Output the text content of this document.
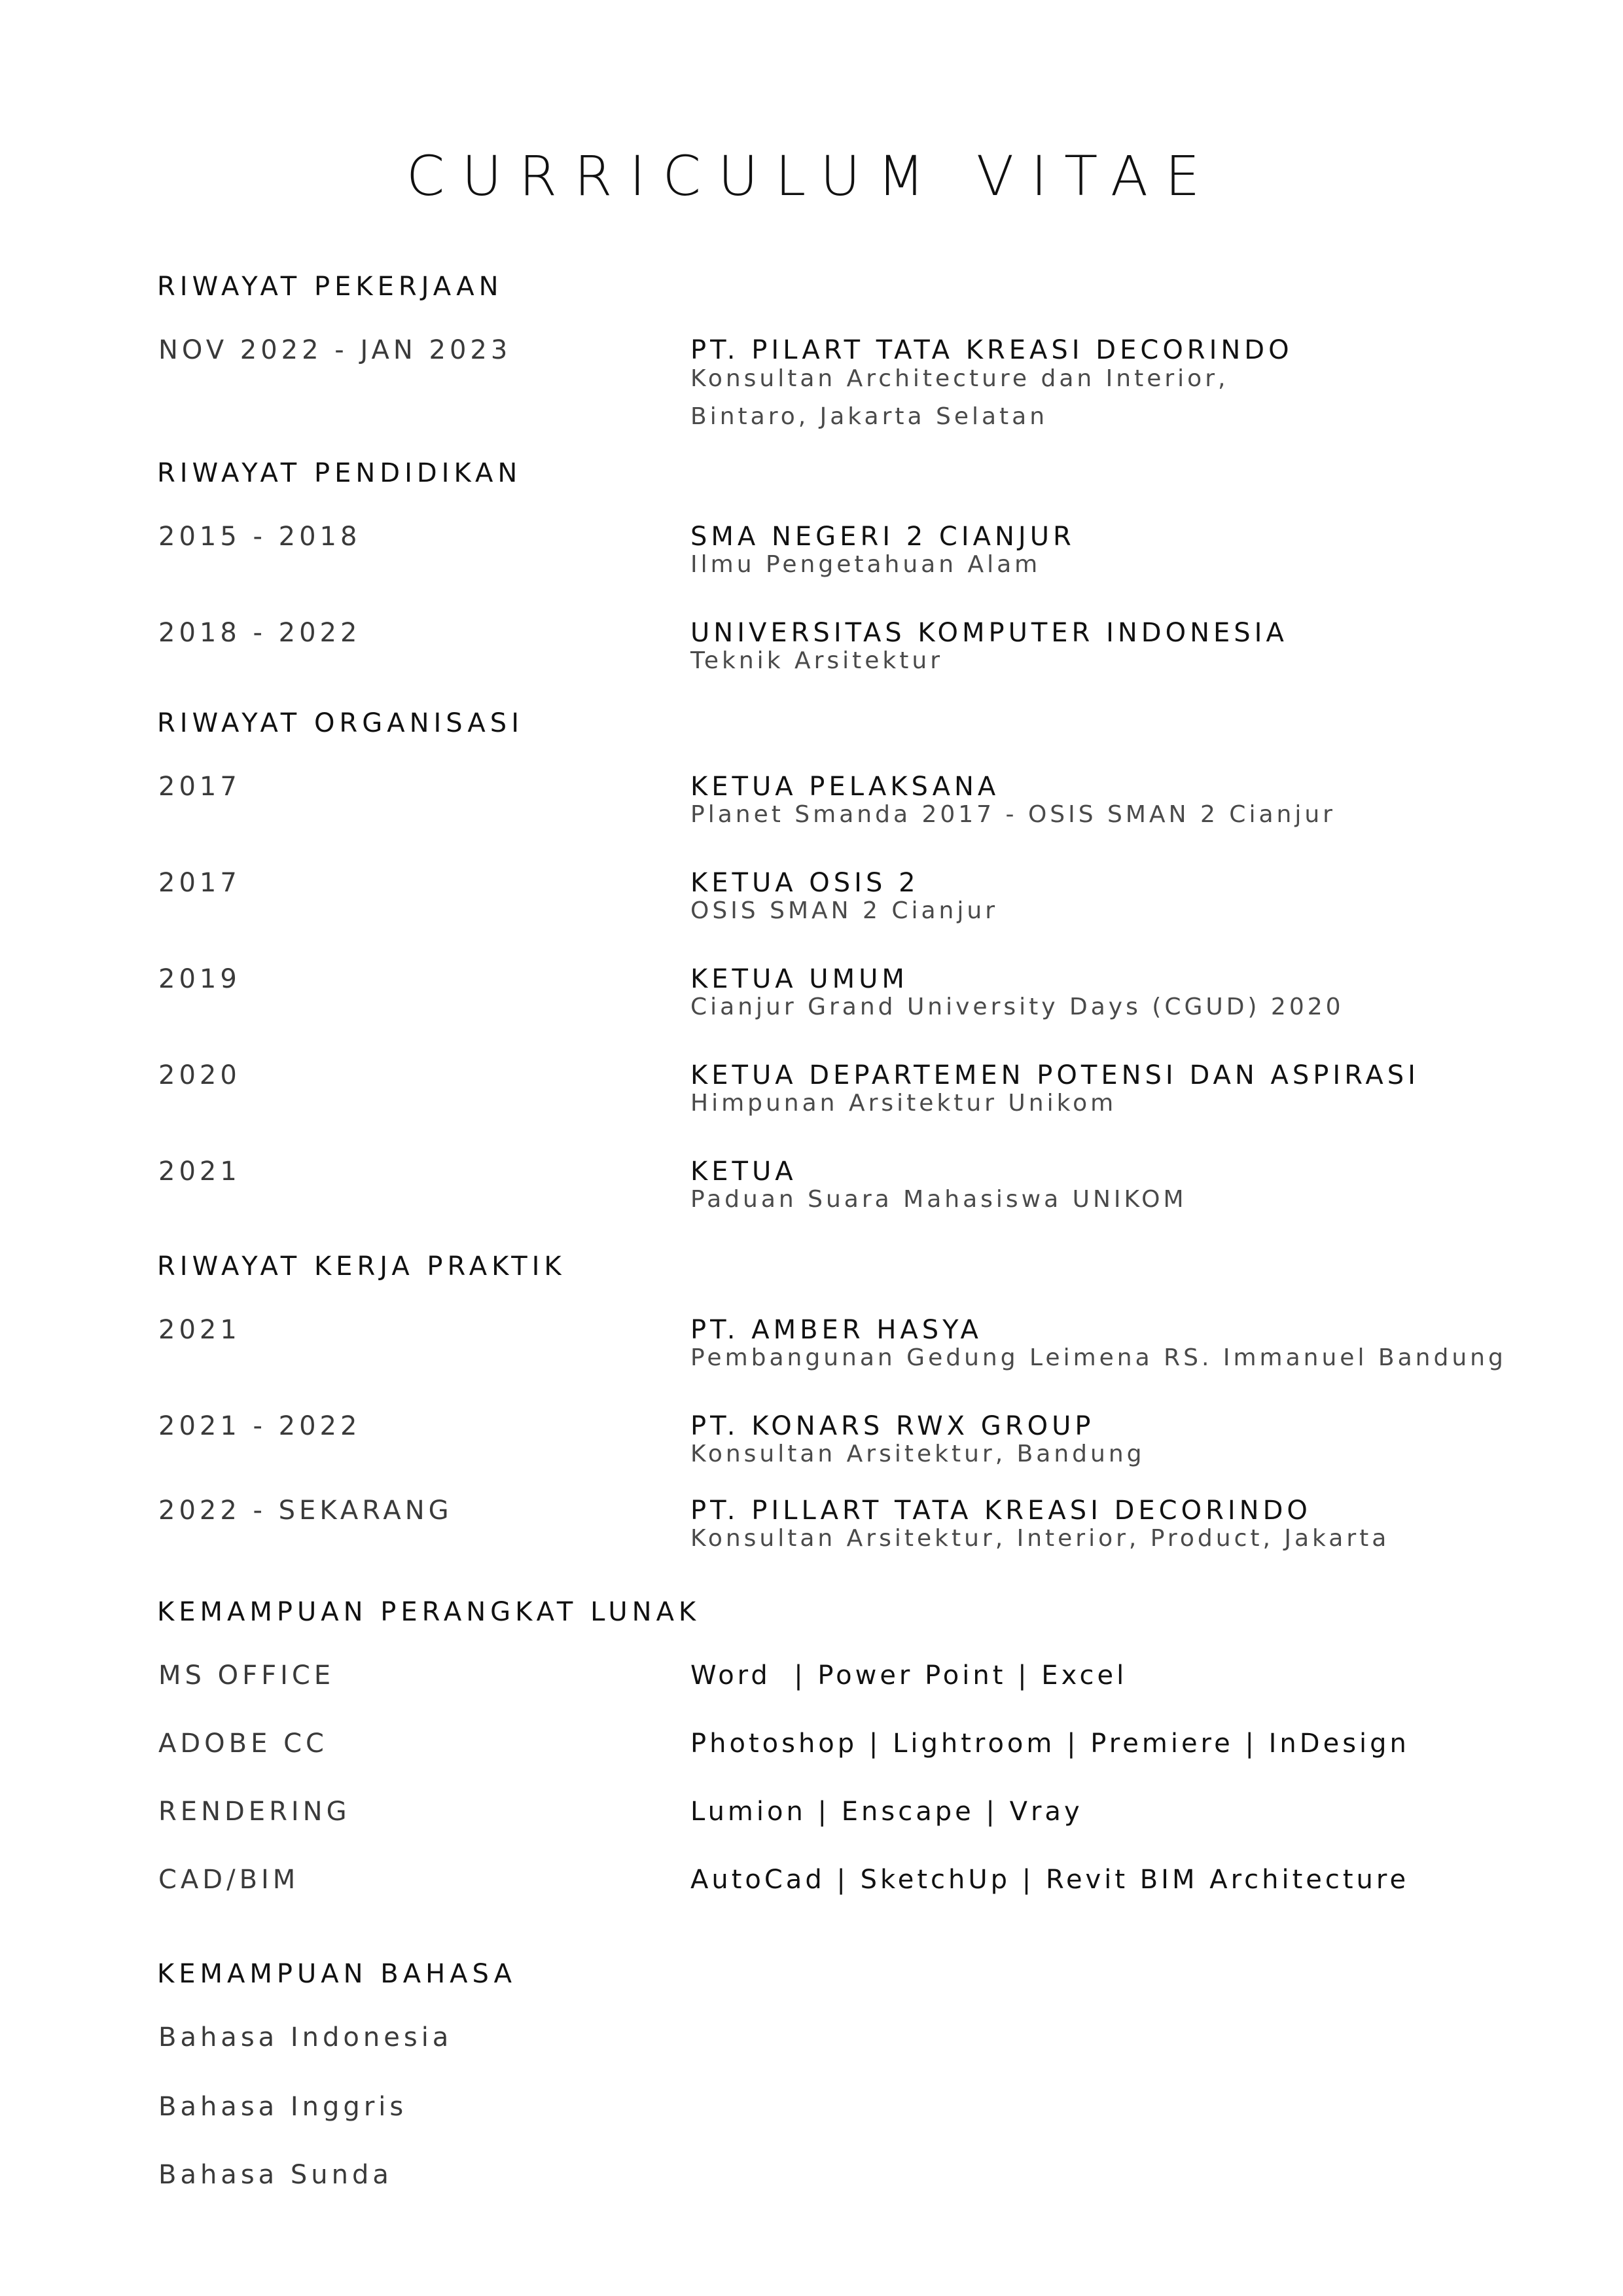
CURRICULUM VITAE
RIWAYAT PEKERJAAN
NOV 2022 - JAN 2023	PT. PILART TATA KREASI DECORINDO
Konsultan Architecture dan Interior,
Bintaro, Jakarta Selatan
RIWAYAT PENDIDIKAN
2015 - 2018	SMA NEGERI 2 CIANJUR
Ilmu Pengetahuan Alam
2018 - 2022	UNIVERSITAS KOMPUTER INDONESIA
Teknik Arsitektur
RIWAYAT ORGANISASI
2017	KETUA PELAKSANA
Planet Smanda 2017 - OSIS SMAN 2 Cianjur
2017	KETUA OSIS 2
OSIS SMAN 2 Cianjur
2019	KETUA UMUM
Cianjur Grand University Days (CGUD) 2020
2020	KETUA DEPARTEMEN POTENSI DAN ASPIRASI
Himpunan Arsitektur Unikom
2021	KETUA
Paduan Suara Mahasiswa UNIKOM
RIWAYAT KERJA PRAKTIK
2021	PT. AMBER HASYA
Pembangunan Gedung Leimena RS. Immanuel Bandung
2021 - 2022	PT. KONARS RWX GROUP
Konsultan Arsitektur, Bandung
2022 - SEKARANG	PT. PILLART TATA KREASI DECORINDO
Konsultan Arsitektur, Interior, Product, Jakarta
KEMAMPUAN PERANGKAT LUNAK
MS OFFICE	Word  | Power Point | Excel
ADOBE CC	Photoshop | Lightroom | Premiere | InDesign
RENDERING	Lumion | Enscape | Vray
CAD/BIM	AutoCad | SketchUp | Revit BIM Architecture
KEMAMPUAN BAHASA
Bahasa Indonesia
Bahasa Inggris
Bahasa Sunda
